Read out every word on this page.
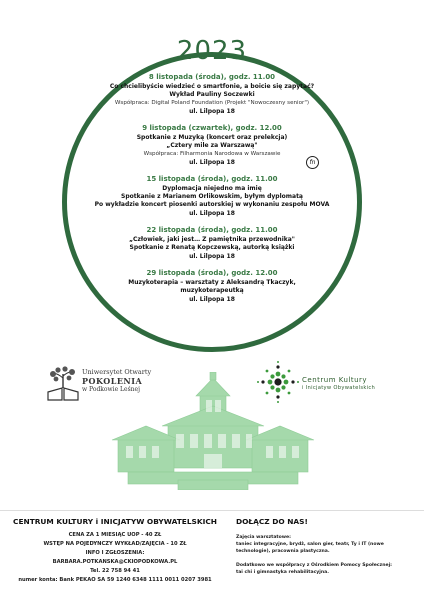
2023
8 listopada (środa), godz. 11.00
Co chcielibyście wiedzieć o smartfonie, a boicie się zapytać?
Wykład Pauliny Soczewki
Współpraca: Digital Poland Foundation (Projekt "Nowoczesny senior")
ul. Lilpopa 18
9 listopada (czwartek), godz. 12.00
Spotkanie z Muzyką (koncert oraz prelekcja)
„Cztery mile za Warszawą"
Współpraca: Filharmonia Narodowa w Warszawie
ul. Lilpopa 18
15 listopada (środa), godz. 11.00
Dyplomacja niejedno ma imię
Spotkanie z Marianem Orlikowskim, byłym dyplomatą
Po wykładzie koncert piosenki autorskiej w wykonaniu zespołu MOVA
ul. Lilpopa 18
22 listopada (środa), godz. 11.00
„Człowiek, jaki jest… Z pamiętnika przewodnika"
Spotkanie z Renatą Kopczewską, autorką książki
ul. Lilpopa 18
29 listopada (środa), godz. 12.00
Muzykoterapia – warsztaty z Aleksandrą Tkaczyk,
muzykoterapeutką
ul. Lilpopa 18
fn
Uniwersytet Otwarty
POKOLENIA
w Podkowie Leśnej
Centrum Kultury
i Inicjatyw Obywatelskich
CENTRUM KULTURY i INICJATYW OBYWATELSKICH
CENA ZA 1 MIESIĄC UOP - 40 ZŁ
WSTĘP NA POJEDYNCZY WYKŁAD/ZAJĘCIA - 10 ZŁ
INFO I ZGŁOSZENIA:
BARBARA.POTKANSKA@CKIOPODKOWA.PL
Tel. 22 758 94 41
numer konta: Bank PEKAO SA 59 1240 6348 1111 0011 0207 3981
DOŁĄCZ DO NAS!
Zajęcia warsztatowe:
taniec integracyjne, brydż, salon gier, teatr, Ty i IT (nowe technologie), pracownia plastyczna.
Dodatkowo we współpracy z Ośrodkiem Pomocy Społecznej:
tai chi i gimnastyka rehabilitacyjna.
